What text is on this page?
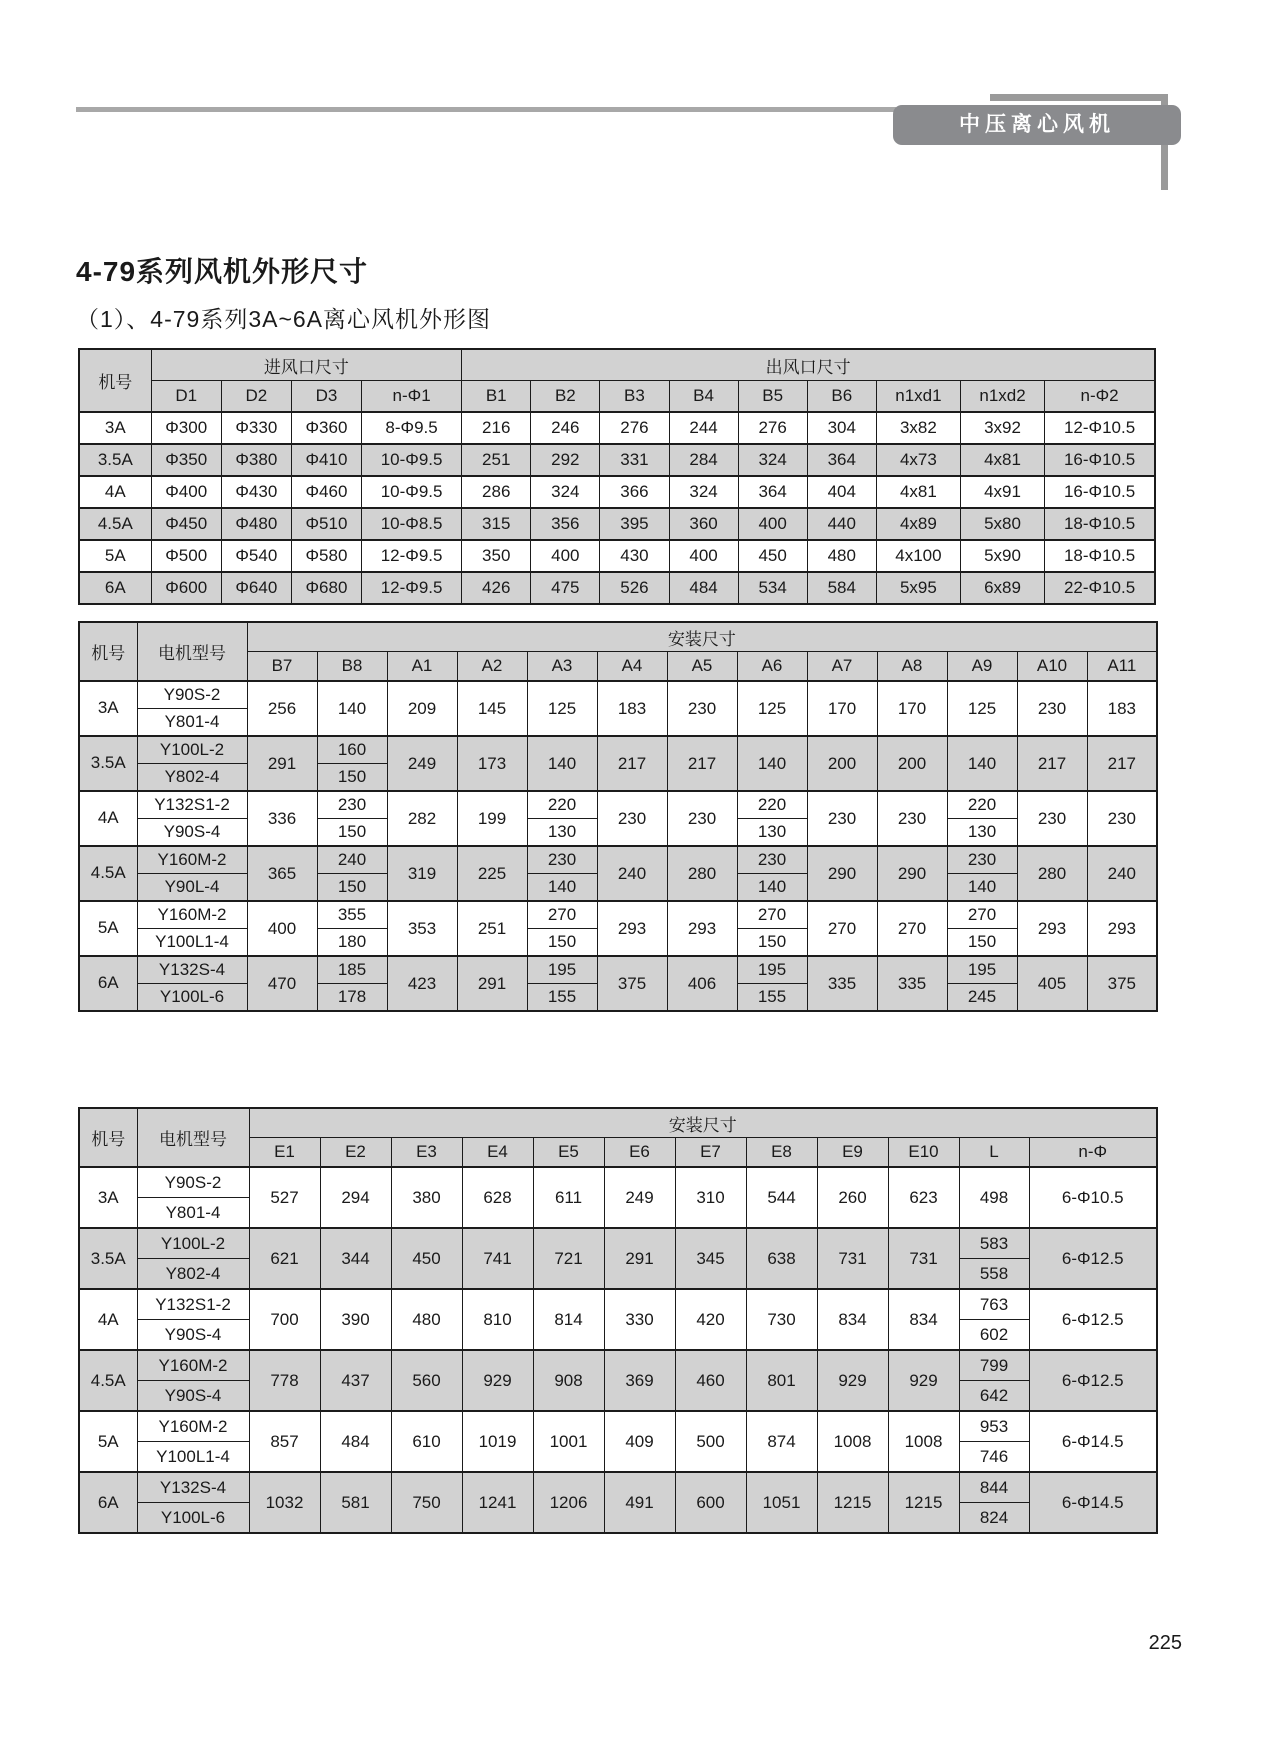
中压离心风机
4-79系列风机外形尺寸
（1）、4-79系列3A~6A离心风机外形图
机号	进风口尺寸				出风口尺寸								
	D1	D2	D3	n-Φ1	B1	B2	B3	B4	B5	B6	n1xd1	n1xd2	n-Φ2
3A	Φ300	Φ330	Φ360	8-Φ9.5	216	246	276	244	276	304	3x82	3x92	12-Φ10.5
3.5A	Φ350	Φ380	Φ410	10-Φ9.5	251	292	331	284	324	364	4x73	4x81	16-Φ10.5
4A	Φ400	Φ430	Φ460	10-Φ9.5	286	324	366	324	364	404	4x81	4x91	16-Φ10.5
4.5A	Φ450	Φ480	Φ510	10-Φ8.5	315	356	395	360	400	440	4x89	5x80	18-Φ10.5
5A	Φ500	Φ540	Φ580	12-Φ9.5	350	400	430	400	450	480	4x100	5x90	18-Φ10.5
6A	Φ600	Φ640	Φ680	12-Φ9.5	426	475	526	484	534	584	5x95	6x89	22-Φ10.5
机号	电机型号	安装尺寸												
		B7	B8	A1	A2	A3	A4	A5	A6	A7	A8	A9	A10	A11
3A	Y90S-2	256	140	209	145	125	183	230	125	170	170	125	230	183
	Y801-4													
3.5A	Y100L-2	291	160	249	173	140	217	217	140	200	200	140	217	217
	Y802-4		150											
4A	Y132S1-2	336	230	282	199	220	230	230	220	230	230	220	230	230
	Y90S-4		150			130			130			130		
4.5A	Y160M-2	365	240	319	225	230	240	280	230	290	290	230	280	240
	Y90L-4		150			140			140			140		
5A	Y160M-2	400	355	353	251	270	293	293	270	270	270	270	293	293
	Y100L1-4		180			150			150			150		
6A	Y132S-4	470	185	423	291	195	375	406	195	335	335	195	405	375
	Y100L-6		178			155			155			245		
机号	电机型号	安装尺寸											
		E1	E2	E3	E4	E5	E6	E7	E8	E9	E10	L	n-Φ
3A	Y90S-2	527	294	380	628	611	249	310	544	260	623	498	6-Φ10.5
	Y801-4												
3.5A	Y100L-2	621	344	450	741	721	291	345	638	731	731	583	6-Φ12.5
	Y802-4											558	
4A	Y132S1-2	700	390	480	810	814	330	420	730	834	834	763	6-Φ12.5
	Y90S-4											602	
4.5A	Y160M-2	778	437	560	929	908	369	460	801	929	929	799	6-Φ12.5
	Y90S-4											642	
5A	Y160M-2	857	484	610	1019	1001	409	500	874	1008	1008	953	6-Φ14.5
	Y100L1-4											746	
6A	Y132S-4	1032	581	750	1241	1206	491	600	1051	1215	1215	844	6-Φ14.5
	Y100L-6											824	
225
